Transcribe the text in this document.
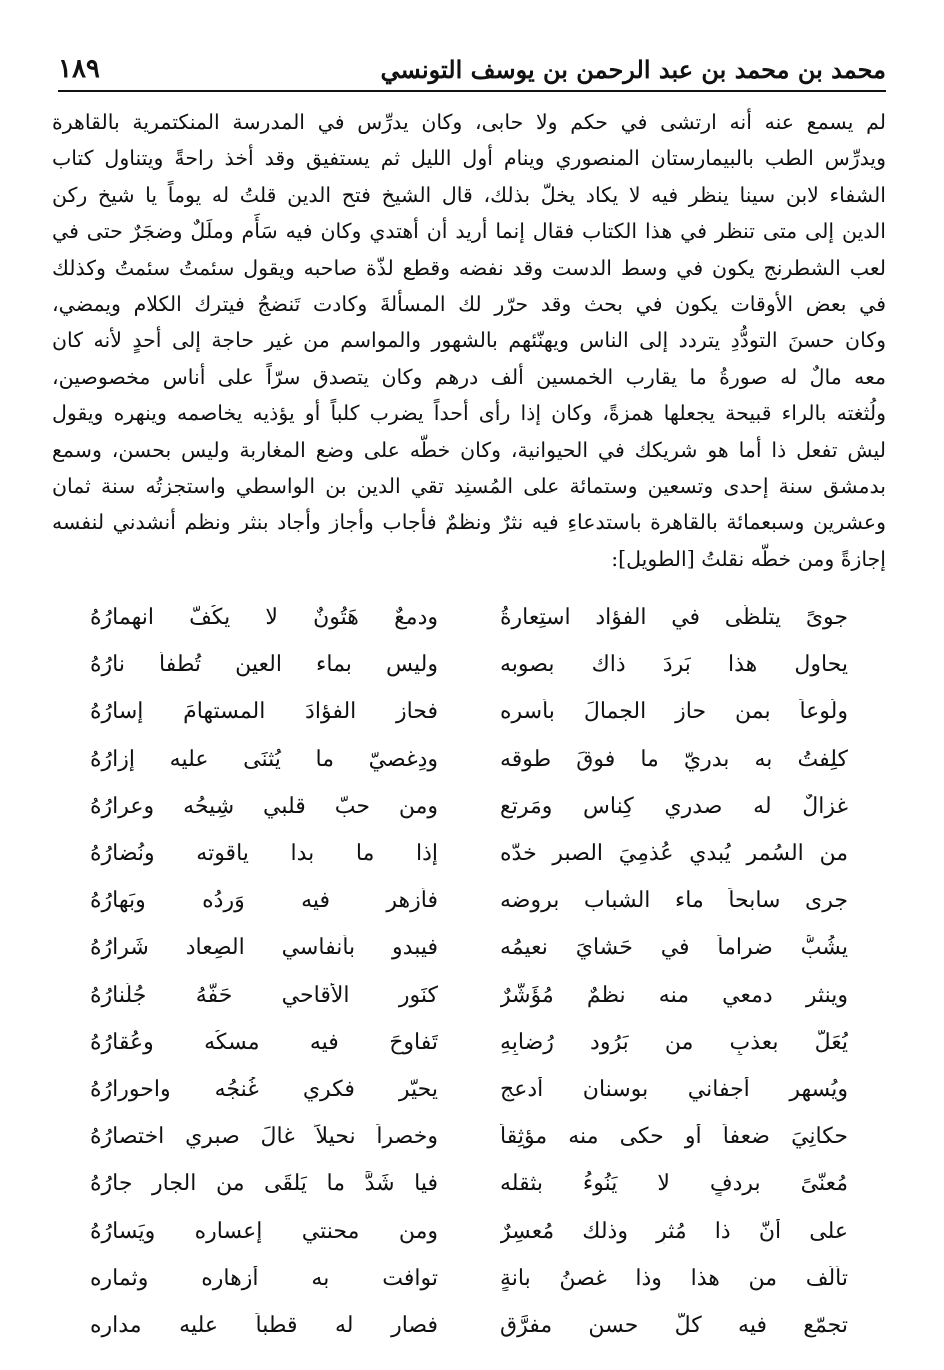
محمد بن محمد بن عبد الرحمن بن يوسف التونسي
١٨٩

لم يسمع عنه أنه ارتشى في حكم ولا حابى، وكان يدرِّس في المدرسة المنكتمرية بالقاهرة

ويدرِّس الطب بالبيمارستان المنصوري وينام أول الليل ثم يستفيق وقد أخذ راحةً ويتناول كتاب

الشفاء لابن سينا ينظر فيه لا يكاد يخلّ بذلك، قال الشيخ فتح الدين قلتُ له يوماً يا شيخ ركن

الدين إلى متى تنظر في هذا الكتاب فقال إنما أريد أن أهتدي وكان فيه سَأَم وملَلٌ وضجَرٌ حتى في

لعب الشطرنج يكون في وسط الدست وقد نفضه وقطع لذّة صاحبه ويقول سئمتُ سئمتُ وكذلك

في بعض الأوقات يكون في بحث وقد حرّر لك المسألةَ وكادت تَنضجُ فيترك الكلام ويمضي،

وكان حسنَ التودُّدِ يتردد إلى الناس ويهنّئهم بالشهور والمواسم من غير حاجة إلى أحدٍ لأنه كان

معه مالٌ له صورةُ ما يقارب الخمسين ألف درهم وكان يتصدق سرّاً على أناس مخصوصين،

ولُثغته بالراء قبيحة يجعلها همزةً، وكان إذا رأى أحداً يضرب كلباً أو يؤذيه يخاصمه وينهره ويقول

ليش تفعل ذا أما هو شريكك في الحيوانية، وكان خطّه على وضع المغاربة وليس بحسن، وسمع

بدمشق سنة إحدى وتسعين وستمائة على المُسنِد تقي الدين بن الواسطي واستجزتُه سنة ثمان

وعشرين وسبعمائة بالقاهرة باستدعاءِ فيه نثرٌ ونظمٌ فأجاب وأجاز وأجاد بنثر ونظم أنشدني لنفسه

إجازةً ومن خطّه نقلتُ [الطويل]:

جوىً يتلظّى في الفؤاد استِعارةُ
ودمعٌ هَتُونٌ لا يكُفّ انهمارُهُ
يحاول هذا بَردَ ذاك بصوبه
وليس بماء العين تُطفأُ نارُهُ
ولُوعاً بمن حاز الجمالَ بأسره
فحاز الفؤادَ المستهامَ إسارُهُ
كلِفتُ به بدريّ ما فوقَ طوقه
ودِغصيّ ما يُثنَى عليه إزارُهُ
غزالٌ له صدري كِناس ومَرتع
ومن حبّ قلبي شِيحُه وعرارُهُ
من السُمر يُبدي عُذمِيَ الصبر خدّه
إذا ما بدا ياقوته ونُضارُهُ
جرى سابحاً ماء الشباب بروضه
فأزهر فيه وَردُه وبَهارُهُ
يشُبُّ ضراماً في حَشايَ نعيمُه
فيبدو بأنفاسي الصِعاد شَرارُهُ
وينثر دمعي منه نظمٌ مُؤَشَّرٌ
كنَورِ الأقاحي حَفَّهُ جُلّنارُهُ
يُعَلُّ بعذبٍ من بَرُود رُضابِهِ
تَفاوحَ فيه مسكُه وعُقارُهُ
ويُسهر أجفاني بوسنان أدعج
يحيّر فكري غُنجُه واحورارُهُ
حكانِيَ ضعفاً أو حكى منه مؤثِقاً
وخصراً نحيلاً غالَ صبري اختصارُهُ
مُعنّىً برِدفٍ لا يَنُوءُ بثقله
فيا شَدَّ ما يَلقَى من الجار جارُهُ
على أنّ ذا مُثرٍ وذلك مُعسِرٌ
ومن محنتي إعساره ويَسارُهُ
تألّف من هذا وذا غصنُ بانةٍ
توافت به أزهاره وثماره
تجمّع فيه كلُّ حسنٍ مفرَّقٍ
فصار له قطباً عليه مداره
